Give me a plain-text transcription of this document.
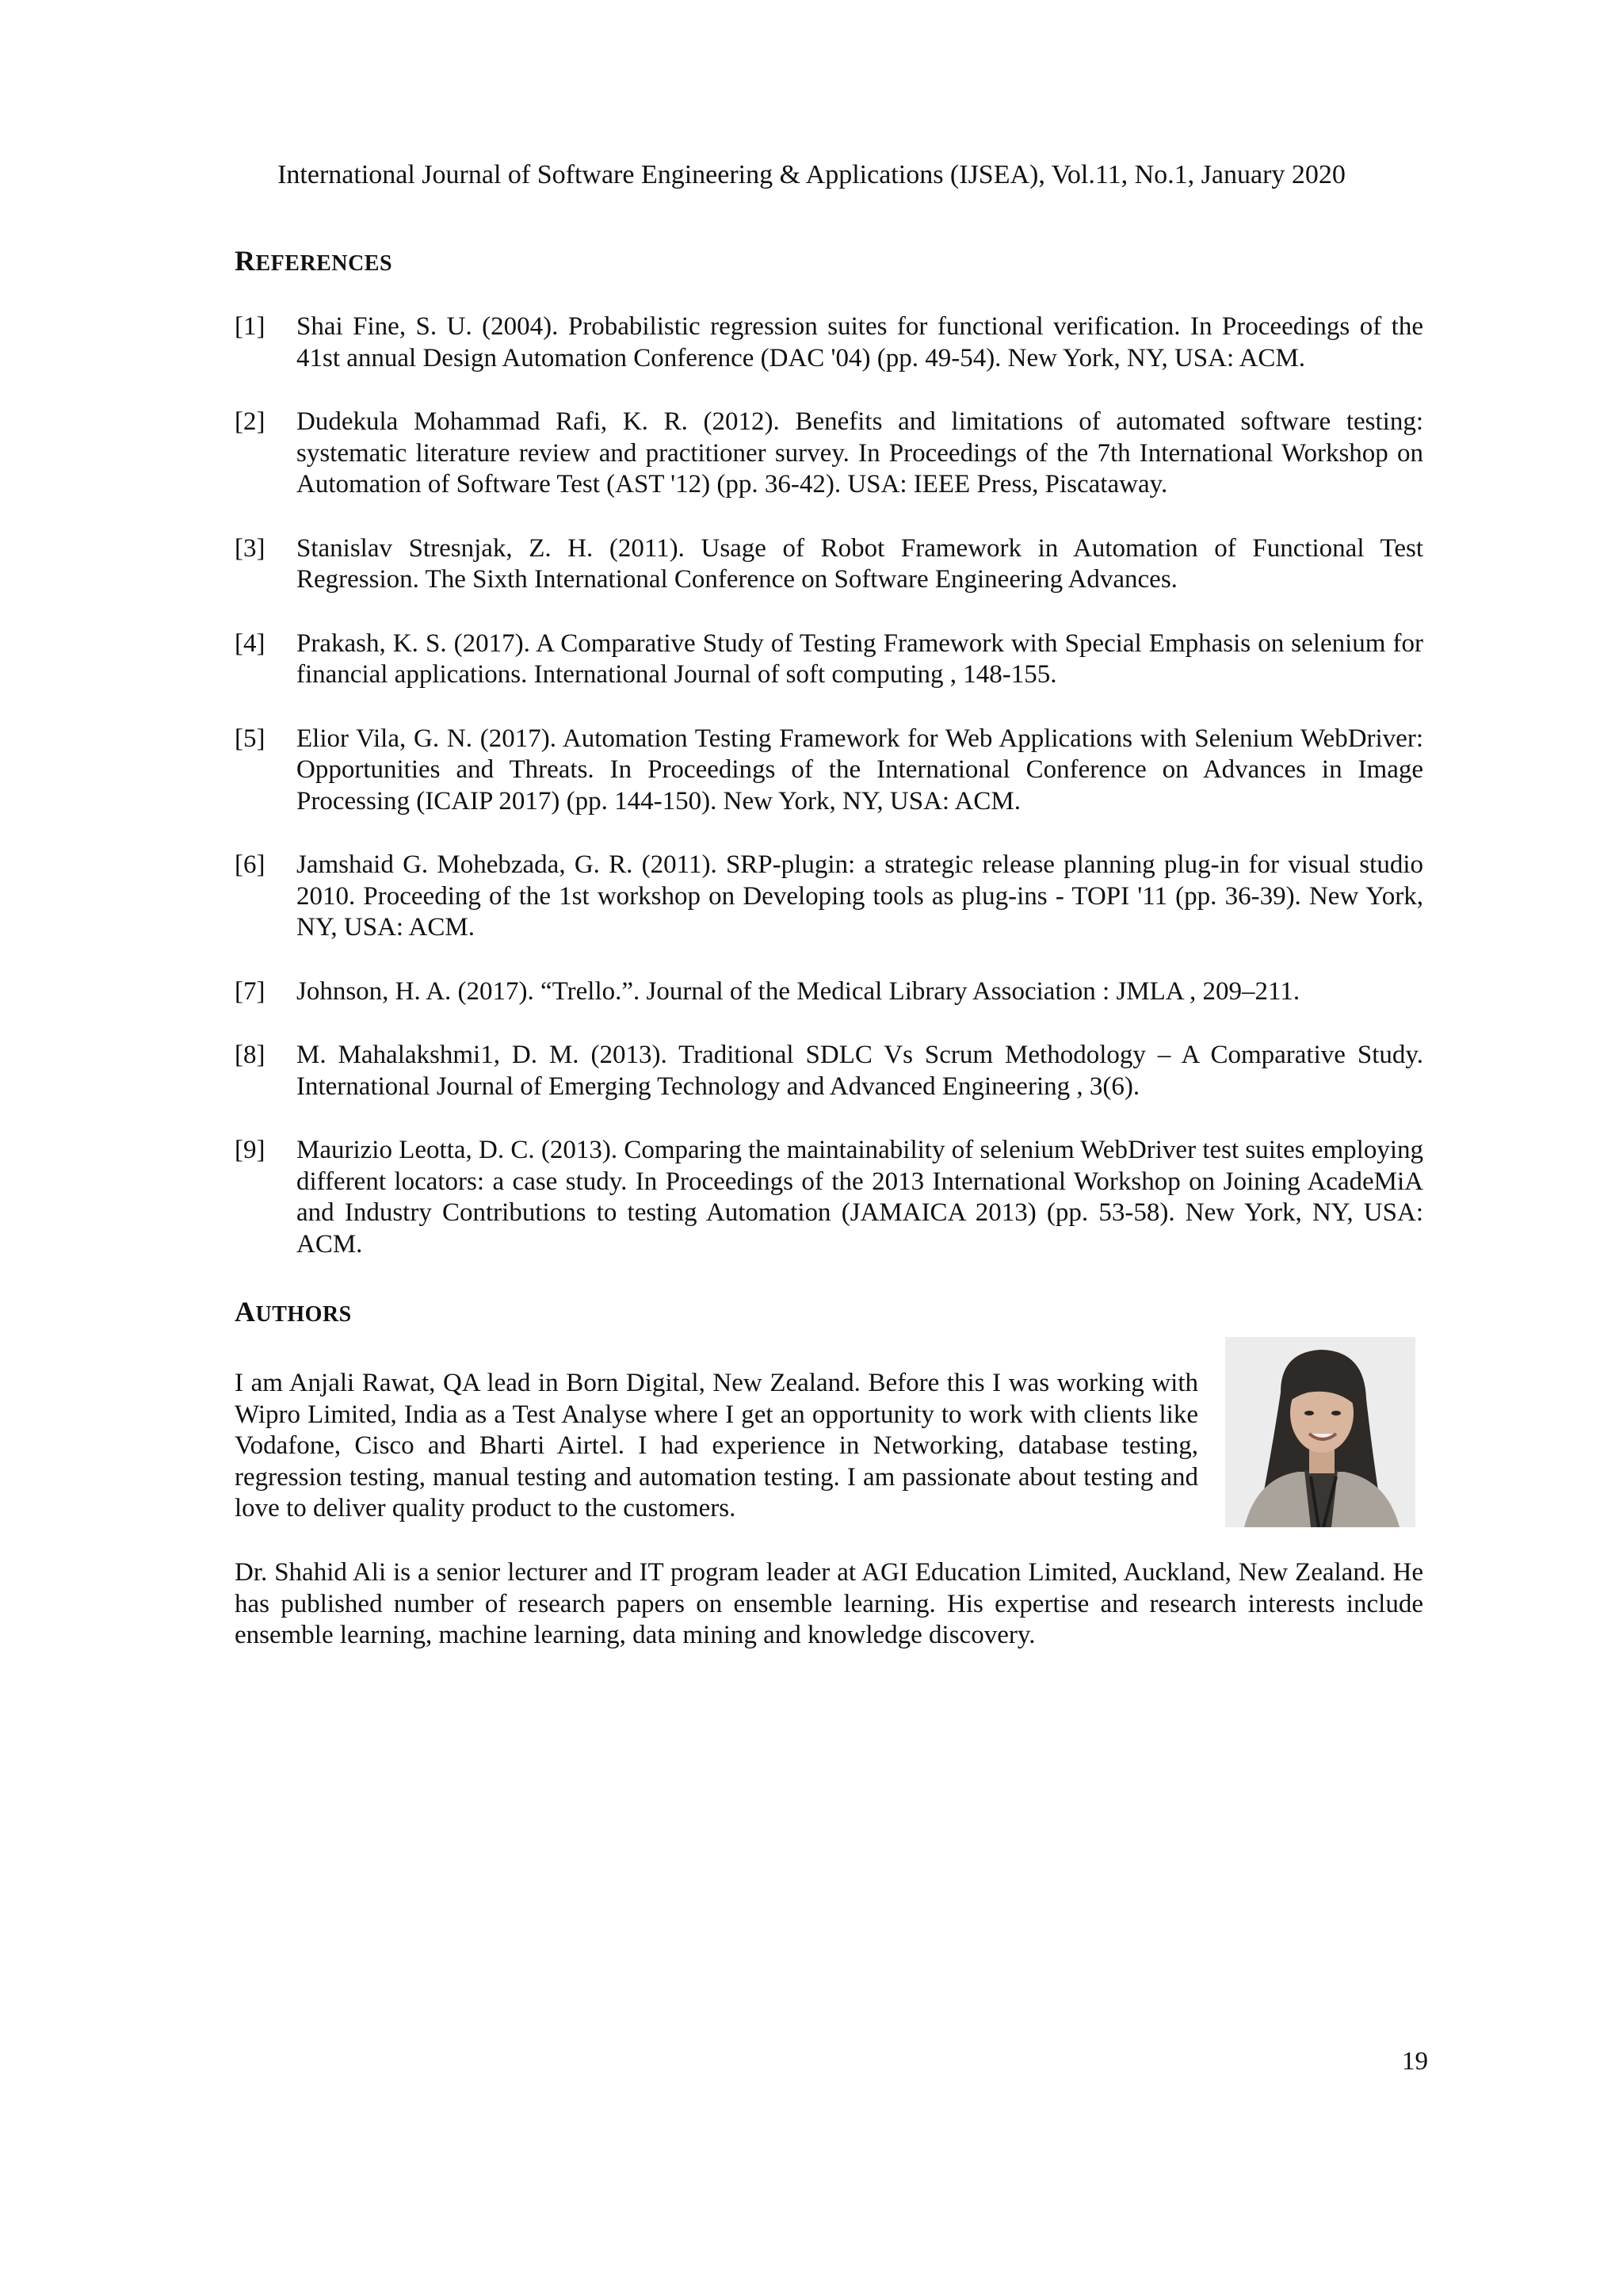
International Journal of Software Engineering & Applications (IJSEA), Vol.11, No.1, January 2020
REFERENCES
[1]	Shai Fine, S. U. (2004). Probabilistic regression suites for functional verification. In Proceedings of the 41st annual Design Automation Conference (DAC '04) (pp. 49-54). New York, NY, USA: ACM.
[2]	Dudekula Mohammad Rafi, K. R. (2012). Benefits and limitations of automated software testing: systematic literature review and practitioner survey. In Proceedings of the 7th International Workshop on Automation of Software Test (AST '12) (pp. 36-42). USA: IEEE Press, Piscataway.
[3]	Stanislav Stresnjak, Z. H. (2011). Usage of Robot Framework in Automation of Functional Test Regression. The Sixth International Conference on Software Engineering Advances.
[4]	Prakash, K. S. (2017). A Comparative Study of Testing Framework with Special Emphasis on selenium for financial applications. International Journal of soft computing , 148-155.
[5]	Elior Vila, G. N. (2017). Automation Testing Framework for Web Applications with Selenium WebDriver: Opportunities and Threats. In Proceedings of the International Conference on Advances in Image Processing (ICAIP 2017) (pp. 144-150). New York, NY, USA: ACM.
[6]	Jamshaid G. Mohebzada, G. R. (2011). SRP-plugin: a strategic release planning plug-in for visual studio 2010. Proceeding of the 1st workshop on Developing tools as plug-ins - TOPI '11 (pp. 36-39). New York, NY, USA: ACM.
[7]	Johnson, H. A. (2017). “Trello.”. Journal of the Medical Library Association : JMLA , 209–211.
[8]	M. Mahalakshmi1, D. M. (2013). Traditional SDLC Vs Scrum Methodology – A Comparative Study. International Journal of Emerging Technology and Advanced Engineering , 3(6).
[9]	Maurizio Leotta, D. C. (2013). Comparing the maintainability of selenium WebDriver test suites employing different locators: a case study. In Proceedings of the 2013 International Workshop on Joining AcadeMiA and Industry Contributions to testing Automation (JAMAICA 2013) (pp. 53-58). New York, NY, USA: ACM.
AUTHORS

I am Anjali Rawat, QA lead in Born Digital, New Zealand. Before this I was working with Wipro Limited, India as a Test Analyse where I get an opportunity to work with clients like Vodafone, Cisco and Bharti Airtel. I had experience in Networking, database testing, regression testing, manual testing and automation testing. I am passionate about testing and love to deliver quality product to the customers.

Dr. Shahid Ali is a senior lecturer and IT program leader at AGI Education Limited, Auckland, New Zealand. He has published number of research papers on ensemble learning. His expertise and research interests include ensemble learning, machine learning, data mining and knowledge discovery.

19
